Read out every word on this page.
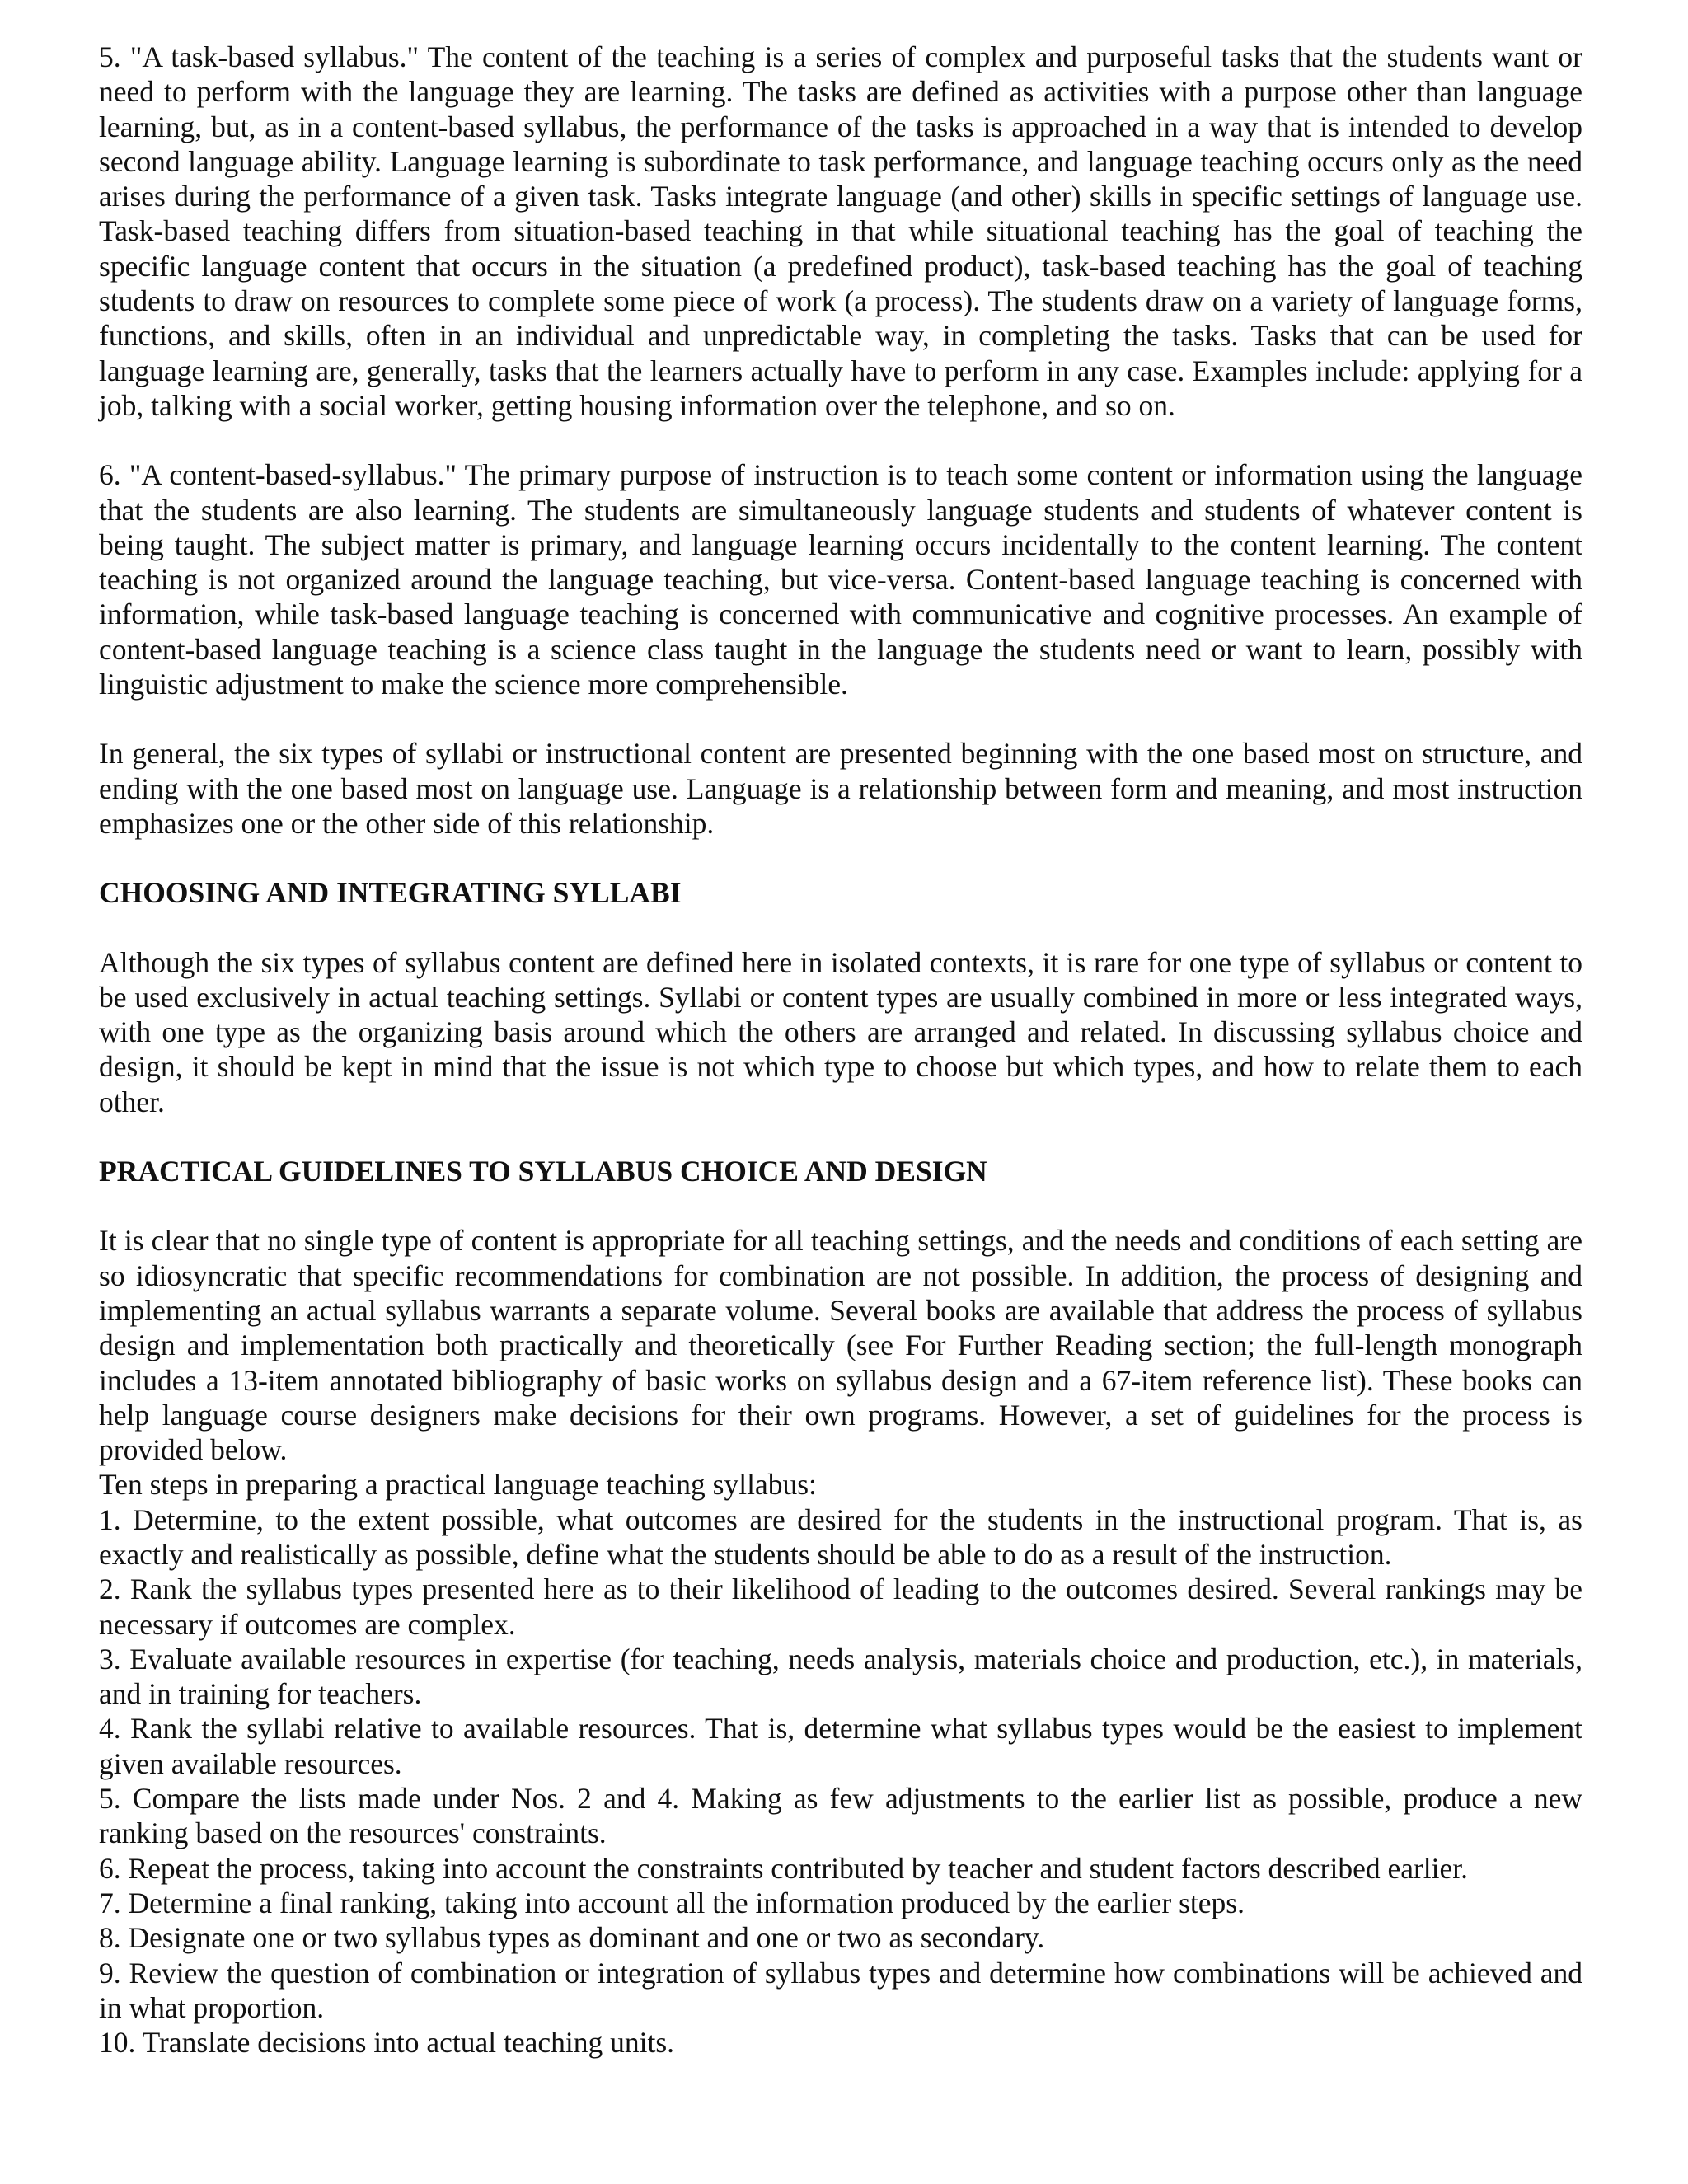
5. "A task-based syllabus." The content of the teaching is a series of complex and purposeful tasks that the students want or need to perform with the language they are learning. The tasks are defined as activities with a purpose other than language learning, but, as in a content-based syllabus, the performance of the tasks is approached in a way that is intended to develop second language ability. Language learning is subordinate to task performance, and language teaching occurs only as the need arises during the performance of a given task. Tasks integrate language (and other) skills in specific settings of language use. Task-based teaching differs from situation-based teaching in that while situational teaching has the goal of teaching the specific language content that occurs in the situation (a predefined product), task-based teaching has the goal of teaching students to draw on resources to complete some piece of work (a process). The students draw on a variety of language forms, functions, and skills, often in an individual and unpredictable way, in completing the tasks. Tasks that can be used for language learning are, generally, tasks that the learners actually have to perform in any case. Examples include: applying for a job, talking with a social worker, getting housing information over the telephone, and so on.

6. "A content-based-syllabus." The primary purpose of instruction is to teach some content or information using the language that the students are also learning. The students are simultaneously language students and students of whatever content is being taught. The subject matter is primary, and language learning occurs incidentally to the content learning. The content teaching is not organized around the language teaching, but vice-versa. Content-based language teaching is concerned with information, while task-based language teaching is concerned with communicative and cognitive processes. An example of content-based language teaching is a science class taught in the language the students need or want to learn, possibly with linguistic adjustment to make the science more comprehensible.

In general, the six types of syllabi or instructional content are presented beginning with the one based most on structure, and ending with the one based most on language use. Language is a relationship between form and meaning, and most instruction emphasizes one or the other side of this relationship.

CHOOSING AND INTEGRATING SYLLABI

Although the six types of syllabus content are defined here in isolated contexts, it is rare for one type of syllabus or content to be used exclusively in actual teaching settings. Syllabi or content types are usually combined in more or less integrated ways, with one type as the organizing basis around which the others are arranged and related. In discussing syllabus choice and design, it should be kept in mind that the issue is not which type to choose but which types, and how to relate them to each other.

PRACTICAL GUIDELINES TO SYLLABUS CHOICE AND DESIGN

It is clear that no single type of content is appropriate for all teaching settings, and the needs and conditions of each setting are so idiosyncratic that specific recommendations for combination are not possible. In addition, the process of designing and implementing an actual syllabus warrants a separate volume. Several books are available that address the process of syllabus design and implementation both practically and theoretically (see For Further Reading section; the full-length monograph includes a 13-item annotated bibliography of basic works on syllabus design and a 67-item reference list). These books can help language course designers make decisions for their own programs. However, a set of guidelines for the process is provided below.

Ten steps in preparing a practical language teaching syllabus:

1. Determine, to the extent possible, what outcomes are desired for the students in the instructional program. That is, as exactly and realistically as possible, define what the students should be able to do as a result of the instruction.
2. Rank the syllabus types presented here as to their likelihood of leading to the outcomes desired. Several rankings may be necessary if outcomes are complex.
3. Evaluate available resources in expertise (for teaching, needs analysis, materials choice and production, etc.), in materials, and in training for teachers.
4. Rank the syllabi relative to available resources. That is, determine what syllabus types would be the easiest to implement given available resources.
5. Compare the lists made under Nos. 2 and 4. Making as few adjustments to the earlier list as possible, produce a new ranking based on the resources' constraints.
6. Repeat the process, taking into account the constraints contributed by teacher and student factors described earlier.
7. Determine a final ranking, taking into account all the information produced by the earlier steps.
8. Designate one or two syllabus types as dominant and one or two as secondary.
9. Review the question of combination or integration of syllabus types and determine how combinations will be achieved and in what proportion.
10. Translate decisions into actual teaching units.
